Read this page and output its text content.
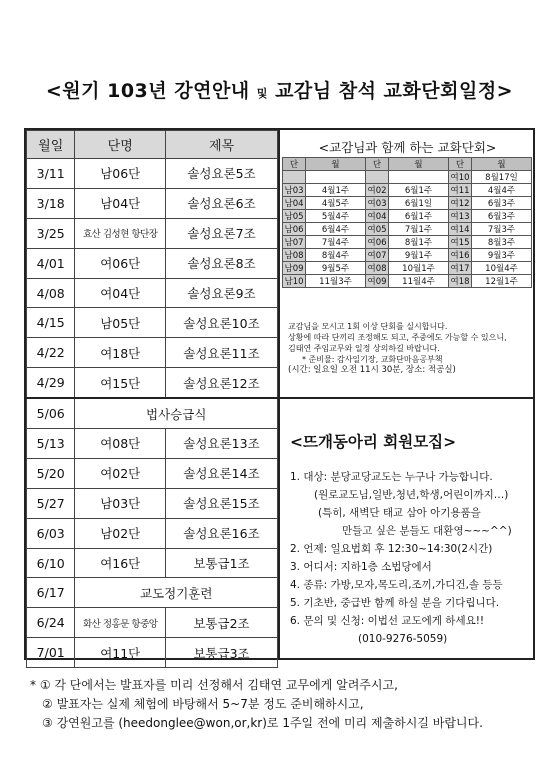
<원기 103년 강연안내 및 교감님 참석 교화단회일정>
월일	단명	제목
3/11	남06단	솔성요론5조
3/18	남04단	솔성요론6조
3/25	효산 김성현 항단장	솔성요론7조
4/01	여06단	솔성요론8조
4/08	여04단	솔성요론9조
4/15	남05단	솔성요론10조
4/22	여18단	솔성요론11조
4/29	여15단	솔성요론12조
5/06	법사승급식	
5/13	여08단	솔성요론13조
5/20	여02단	솔성요론14조
5/27	남03단	솔성요론15조
6/03	남02단	솔성요론16조
6/10	여16단	보통급1조
6/17	교도정기훈련	
6/24	화산 정홍문 항중앙	보통급2조
7/01	여11단	보통급3조
<교감님과 함께 하는 교화단회>
단	월	단	월	단	월
				여10	8월17일
남03	4월1주	여02	6월1주	여11	4월4주
남04	4월5주	여03	6월1일	여12	6월3주
남05	5월4주	여04	6월1주	여13	6월3주
남06	6월4주	여05	7월1주	여14	7월3주
남07	7월4주	여06	8월1주	여15	8월3주
남08	8월4주	여07	9월1주	여16	9월3주
남09	9월5주	여08	10월1주	여17	10월4주
남10	11월3주	여09	11월4주	여18	12월1주
교감님을 모시고 1회 이상 단회를 실시합니다.
상황에 따라 단끼리 조정해도 되고, 주중에도 가능할 수 있으니,
김태연 주임교무와 일정 상의하길 바랍니다.
* 준비물: 감사일기장, 교화단마음공부책
(시간: 일요일 오전 11시 30분, 장소: 적공실)
<뜨개동아리 회원모집>
1. 대상: 분당교당교도는 누구나 가능합니다.
(원로교도님,일반,청년,학생,어린이까지…)
(특히, 새벽단 태교 삼아 아기용품을
만들고 싶은 분들도 대환영~~~^^)
2. 언제: 일요법회 후 12:30~14:30(2시간)
3. 어디서: 지하1층 소법당에서
4. 종류: 가방,모자,목도리,조끼,가디건,솔 등등
5. 기초반, 중급반 함께 하실 분을 기다립니다.
6. 문의 및 신청: 이법선 교도에게 하세요!!
(010-9276-5059)
* ① 각 단에서는 발표자를 미리 선정해서 김태연 교무에게 알려주시고,
② 발표자는 실제 체험에 바탕해서 5~7분 정도 준비해하시고,
③ 강연원고를 (heedonglee@won,or,kr)로 1주일 전에 미리 제출하시길 바랍니다.
